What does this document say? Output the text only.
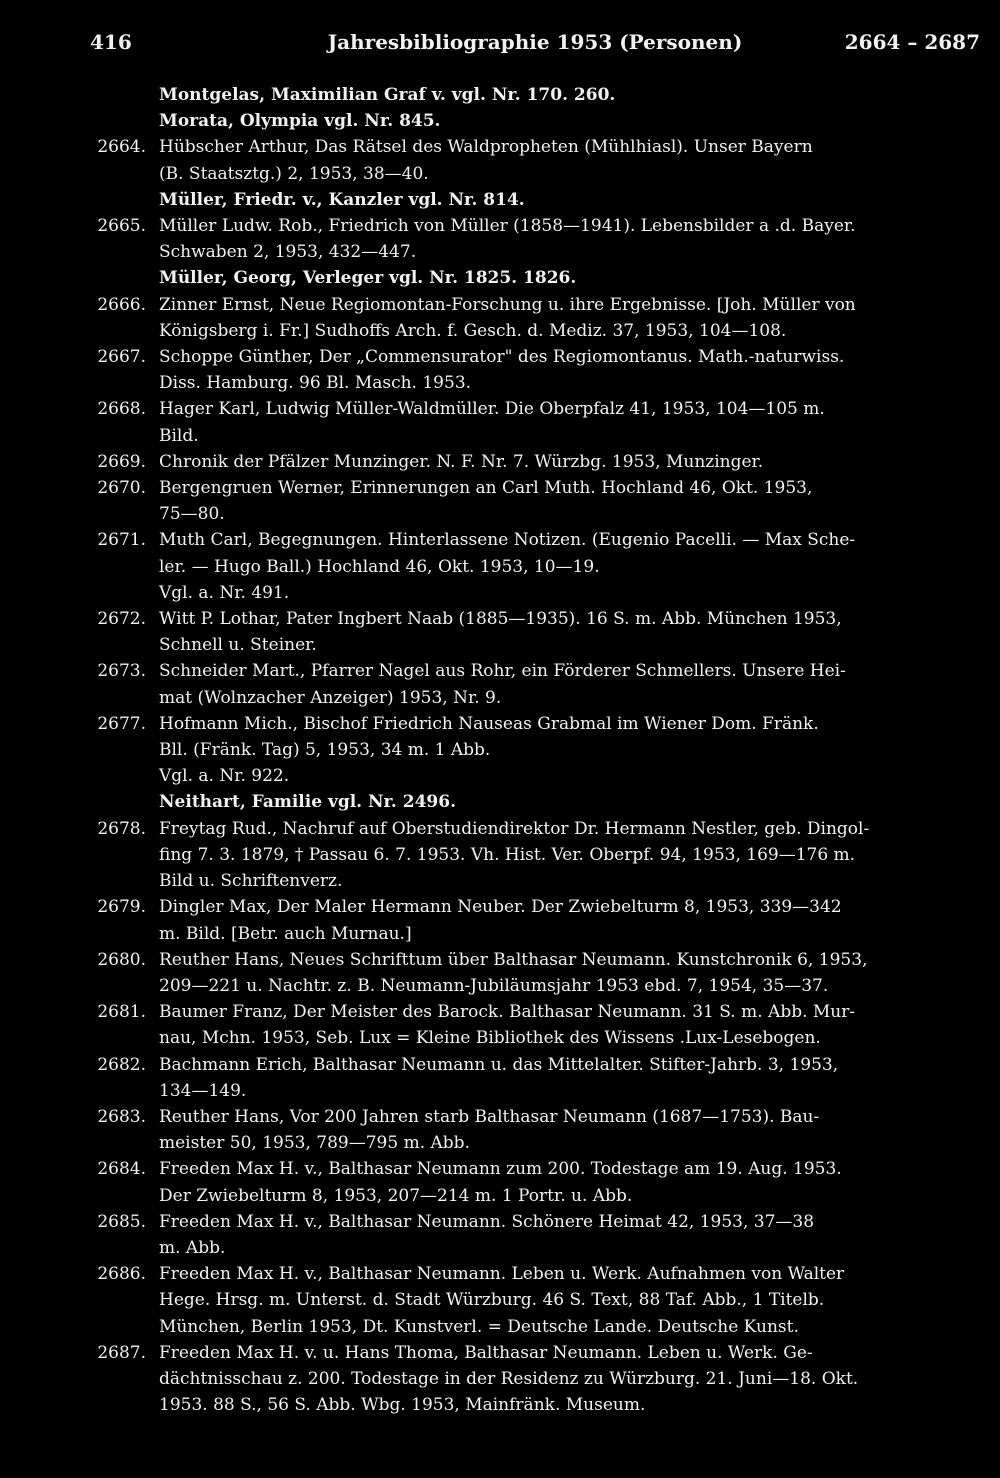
416	Jahresbibliographie 1953 (Personen)	2664 – 2687
Montgelas, Maximilian Graf v. vgl. Nr. 170. 260.
Morata, Olympia vgl. Nr. 845.
2664. Hübscher Arthur, Das Rätsel des Waldpropheten (Mühlhiasl). Unser Bayern
(B. Staatsztg.) 2, 1953, 38—40.
Müller, Friedr. v., Kanzler vgl. Nr. 814.
2665. Müller Ludw. Rob., Friedrich von Müller (1858—1941). Lebensbilder a .d. Bayer.
Schwaben 2, 1953, 432—447.
Müller, Georg, Verleger vgl. Nr. 1825. 1826.
2666. Zinner Ernst, Neue Regiomontan-Forschung u. ihre Ergebnisse. [Joh. Müller von
Königsberg i. Fr.] Sudhoffs Arch. f. Gesch. d. Mediz. 37, 1953, 104—108.
2667. Schoppe Günther, Der „Commensurator" des Regiomontanus. Math.-naturwiss.
Diss. Hamburg. 96 Bl. Masch. 1953.
2668. Hager Karl, Ludwig Müller-Waldmüller. Die Oberpfalz 41, 1953, 104—105 m.
Bild.
2669. Chronik der Pfälzer Munzinger. N. F. Nr. 7. Würzbg. 1953, Munzinger.
2670. Bergengruen Werner, Erinnerungen an Carl Muth. Hochland 46, Okt. 1953,
75—80.
2671. Muth Carl, Begegnungen. Hinterlassene Notizen. (Eugenio Pacelli. — Max Sche-
ler. — Hugo Ball.) Hochland 46, Okt. 1953, 10—19.
Vgl. a. Nr. 491.
2672. Witt P. Lothar, Pater Ingbert Naab (1885—1935). 16 S. m. Abb. München 1953,
Schnell u. Steiner.
2673. Schneider Mart., Pfarrer Nagel aus Rohr, ein Förderer Schmellers. Unsere Hei-
mat (Wolnzacher Anzeiger) 1953, Nr. 9.
2677. Hofmann Mich., Bischof Friedrich Nauseas Grabmal im Wiener Dom. Fränk.
Bll. (Fränk. Tag) 5, 1953, 34 m. 1 Abb.
Vgl. a. Nr. 922.
Neithart, Familie vgl. Nr. 2496.
2678. Freytag Rud., Nachruf auf Oberstudiendirektor Dr. Hermann Nestler, geb. Dingol-
fing 7. 3. 1879, † Passau 6. 7. 1953. Vh. Hist. Ver. Oberpf. 94, 1953, 169—176 m.
Bild u. Schriftenverz.
2679. Dingler Max, Der Maler Hermann Neuber. Der Zwiebelturm 8, 1953, 339—342
m. Bild. [Betr. auch Murnau.]
2680. Reuther Hans, Neues Schrifttum über Balthasar Neumann. Kunstchronik 6, 1953,
209—221 u. Nachtr. z. B. Neumann-Jubiläumsjahr 1953 ebd. 7, 1954, 35—37.
2681. Baumer Franz, Der Meister des Barock. Balthasar Neumann. 31 S. m. Abb. Mur-
nau, Mchn. 1953, Seb. Lux = Kleine Bibliothek des Wissens .Lux-Lesebogen.
2682. Bachmann Erich, Balthasar Neumann u. das Mittelalter. Stifter-Jahrb. 3, 1953,
134—149.
2683. Reuther Hans, Vor 200 Jahren starb Balthasar Neumann (1687—1753). Bau-
meister 50, 1953, 789—795 m. Abb.
2684. Freeden Max H. v., Balthasar Neumann zum 200. Todestage am 19. Aug. 1953.
Der Zwiebelturm 8, 1953, 207—214 m. 1 Portr. u. Abb.
2685. Freeden Max H. v., Balthasar Neumann. Schönere Heimat 42, 1953, 37—38
m. Abb.
2686. Freeden Max H. v., Balthasar Neumann. Leben u. Werk. Aufnahmen von Walter
Hege. Hrsg. m. Unterst. d. Stadt Würzburg. 46 S. Text, 88 Taf. Abb., 1 Titelb.
München, Berlin 1953, Dt. Kunstverl. = Deutsche Lande. Deutsche Kunst.
2687. Freeden Max H. v. u. Hans Thoma, Balthasar Neumann. Leben u. Werk. Ge-
dächtnisschau z. 200. Todestage in der Residenz zu Würzburg. 21. Juni—18. Okt.
1953. 88 S., 56 S. Abb. Wbg. 1953, Mainfränk. Museum.
